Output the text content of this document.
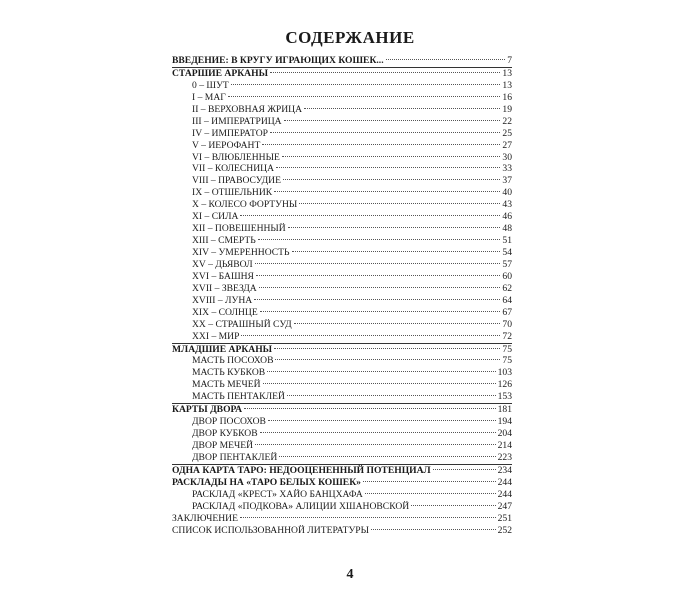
СОДЕРЖАНИЕ
ВВЕДЕНИЕ: В КРУГУ ИГРАЮЩИХ КОШЕК...	7
СТАРШИЕ АРКАНЫ	13
0 – ШУТ	13
I – МАГ	16
II – ВЕРХОВНАЯ ЖРИЦА	19
III – ИМПЕРАТРИЦА	22
IV – ИМПЕРАТОР	25
V – ИЕРОФАНТ	27
VI – ВЛЮБЛЕННЫЕ	30
VII – КОЛЕСНИЦА	33
VIII – ПРАВОСУДИЕ	37
IX – ОТШЕЛЬНИК	40
X – КОЛЕСО ФОРТУНЫ	43
XI – СИЛА	46
XII – ПОВЕШЕННЫЙ	48
XIII – СМЕРТЬ	51
XIV – УМЕРЕННОСТЬ	54
XV – ДЬЯВОЛ	57
XVI – БАШНЯ	60
XVII – ЗВЕЗДА	62
XVIII – ЛУНА	64
XIX – СОЛНЦЕ	67
XX – СТРАШНЫЙ СУД	70
XXI – МИР	72
МЛАДШИЕ АРКАНЫ	75
МАСТЬ ПОСОХОВ	75
МАСТЬ КУБКОВ	103
МАСТЬ МЕЧЕЙ	126
МАСТЬ ПЕНТАКЛЕЙ	153
КАРТЫ ДВОРА	181
ДВОР ПОСОХОВ	194
ДВОР КУБКОВ	204
ДВОР МЕЧЕЙ	214
ДВОР ПЕНТАКЛЕЙ	223
ОДНА КАРТА ТАРО: НЕДООЦЕНЕННЫЙ ПОТЕНЦИАЛ	234
РАСКЛАДЫ НА «ТАРО БЕЛЫХ КОШЕК»	244
РАСКЛАД «КРЕСТ» ХАЙО БАНЦХАФА	244
РАСКЛАД «ПОДКОВА» АЛИЦИИ ХШАНОВСКОЙ	247
ЗАКЛЮЧЕНИЕ	251
СПИСОК ИСПОЛЬЗОВАННОЙ ЛИТЕРАТУРЫ	252
4
